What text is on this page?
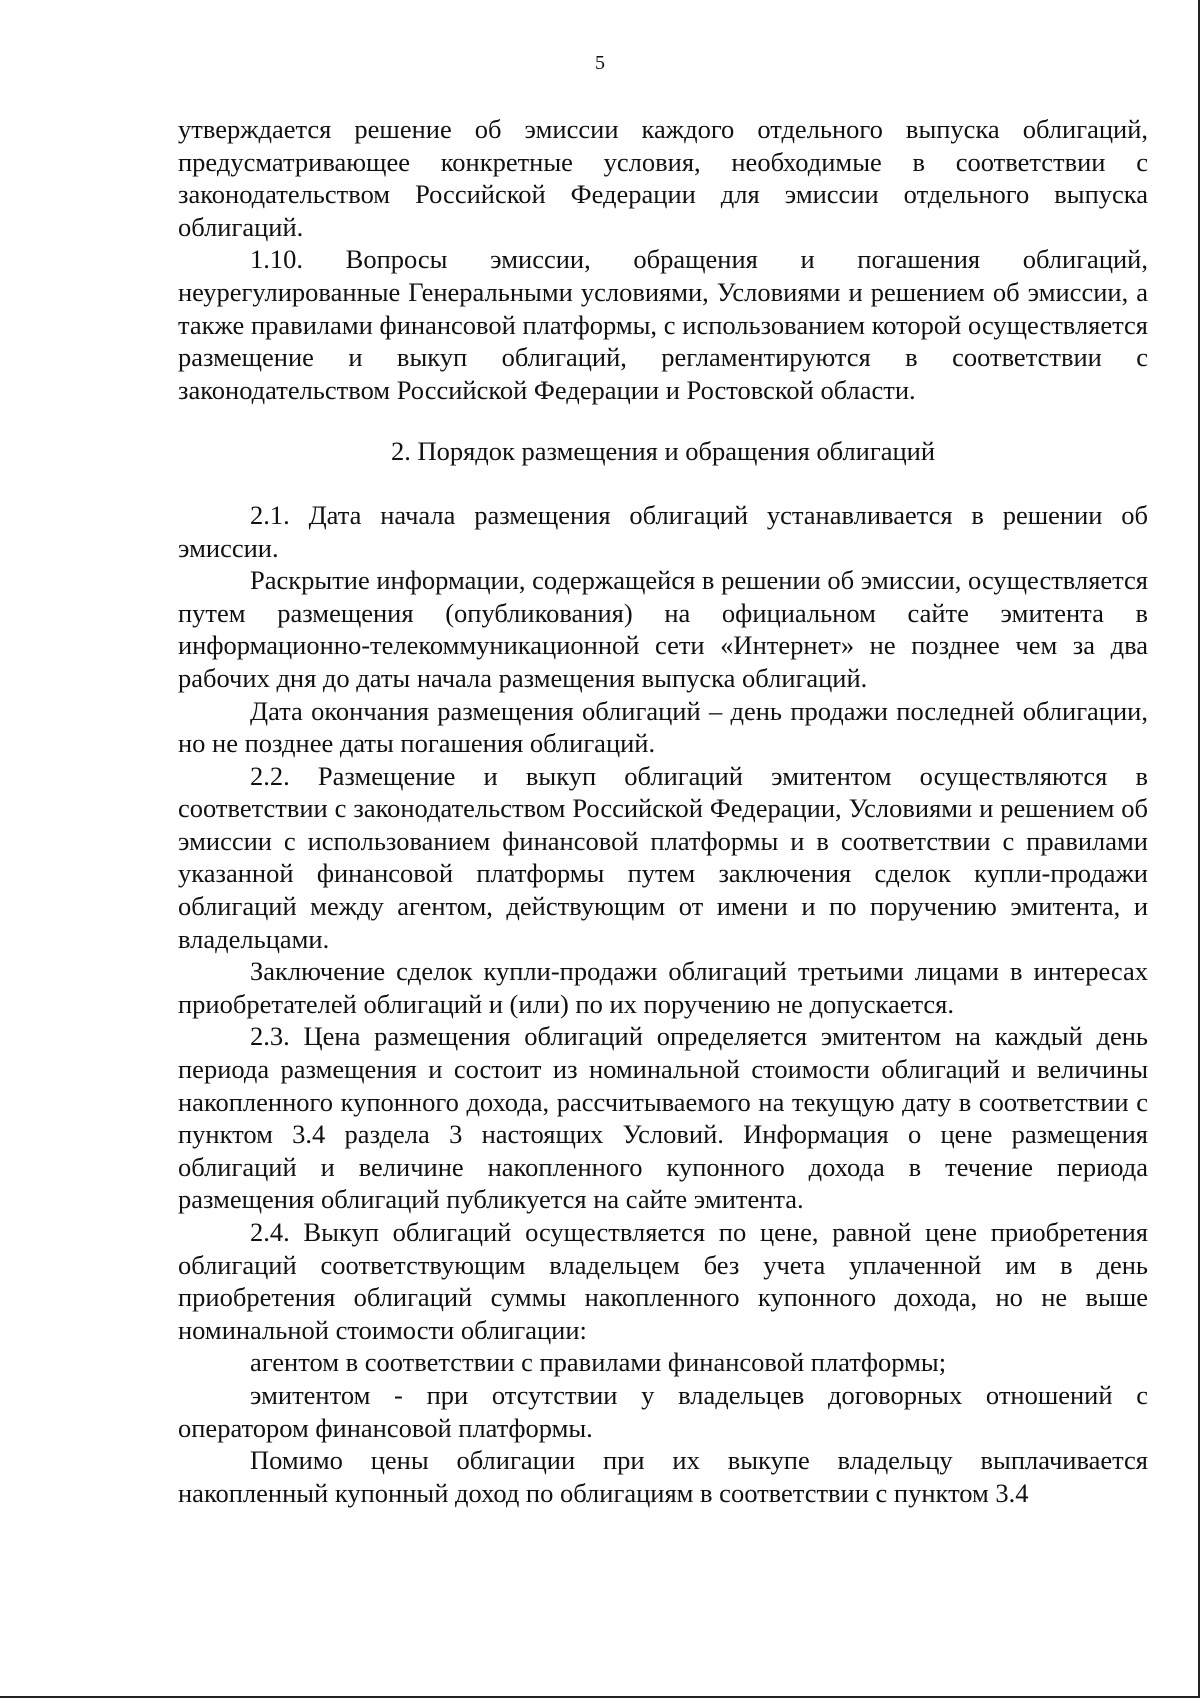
5

утверждается решение об эмиссии каждого отдельного выпуска облигаций, предусматривающее конкретные условия, необходимые в соответствии с законодательством Российской Федерации для эмиссии отдельного выпуска облигаций.

1.10. Вопросы эмиссии, обращения и погашения облигаций, неурегулированные Генеральными условиями, Условиями и решением об эмиссии, а также правилами финансовой платформы, с использованием которой осуществляется размещение и выкуп облигаций, регламентируются в соответствии с законодательством Российской Федерации и Ростовской области.

2. Порядок размещения и обращения облигаций

2.1. Дата начала размещения облигаций устанавливается в решении об эмиссии.

Раскрытие информации, содержащейся в решении об эмиссии, осуществляется путем размещения (опубликования) на официальном сайте эмитента в информационно-телекоммуникационной сети «Интернет» не позднее чем за два рабочих дня до даты начала размещения выпуска облигаций.

Дата окончания размещения облигаций – день продажи последней облигации, но не позднее даты погашения облигаций.

2.2. Размещение и выкуп облигаций эмитентом осуществляются в соответствии с законодательством Российской Федерации, Условиями и решением об эмиссии с использованием финансовой платформы и в соответствии с правилами указанной финансовой платформы путем заключения сделок купли-продажи облигаций между агентом, действующим от имени и по поручению эмитента, и владельцами.

Заключение сделок купли-продажи облигаций третьими лицами в интересах приобретателей облигаций и (или) по их поручению не допускается.

2.3. Цена размещения облигаций определяется эмитентом на каждый день периода размещения и состоит из номинальной стоимости облигаций и величины накопленного купонного дохода, рассчитываемого на текущую дату в соответствии с пунктом 3.4 раздела 3 настоящих Условий. Информация о цене размещения облигаций и величине накопленного купонного дохода в течение периода размещения облигаций публикуется на сайте эмитента.

2.4. Выкуп облигаций осуществляется по цене, равной цене приобретения облигаций соответствующим владельцем без учета уплаченной им в день приобретения облигаций суммы накопленного купонного дохода, но не выше номинальной стоимости облигации:

агентом в соответствии с правилами финансовой платформы;

эмитентом - при отсутствии у владельцев договорных отношений с оператором финансовой платформы.

Помимо цены облигации при их выкупе владельцу выплачивается накопленный купонный доход по облигациям в соответствии с пунктом 3.4
